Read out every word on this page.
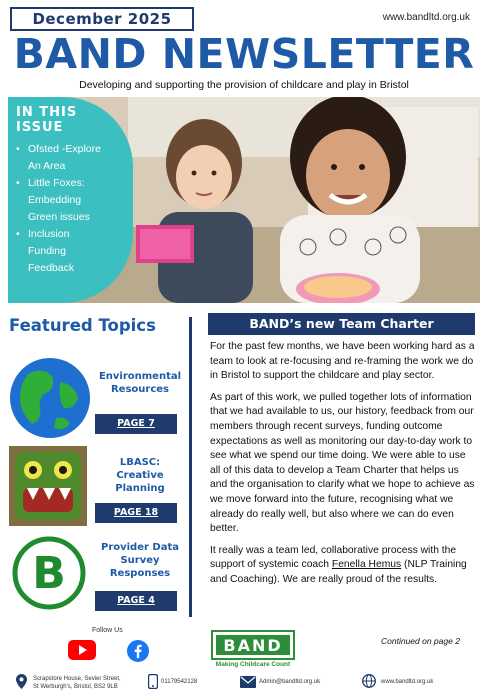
December 2025	www.bandltd.org.uk
BAND NEWSLETTER
Developing and supporting the provision of childcare and play in Bristol
IN THIS
ISSUE
• Ofsted -Explore
An Area
• Little Foxes:
Embedding
Green issues
• Inclusion
Funding
Feedback
Featured Topics
Environmental
Resources
PAGE 7
LBASC:
Creative
Planning
PAGE 18
B
Provider Data
Survey
Responses
PAGE 4
BAND’s new Team Charter

For the past few months, we have been working hard as a team to look at re-focusing and re-framing the work we do in Bristol to support the childcare and play sector.

As part of this work, we pulled together lots of information that we had available to us, our history, feedback from our members through recent surveys, funding outcome expectations as well as monitoring our day-to-day work to see what we spend our time doing. We were able to use all of this data to develop a Team Charter that helps us and the organisation to clarify what we hope to achieve as we move forward into the future, recognising what we already do really well, but also where we can do even better.

It really was a team led, collaborative process with the support of systemic coach Fenella Hemus (NLP Training and Coaching). We are really proud of the results.

Follow Us
BAND
Making Childcare Count
Continued on page 2
Scrapstore House, Sevier Street,
St Werburgh's, Bristol, BS2 9LB
01179542128	Admin@bandltd.org.uk	www.bandltd.org.uk
